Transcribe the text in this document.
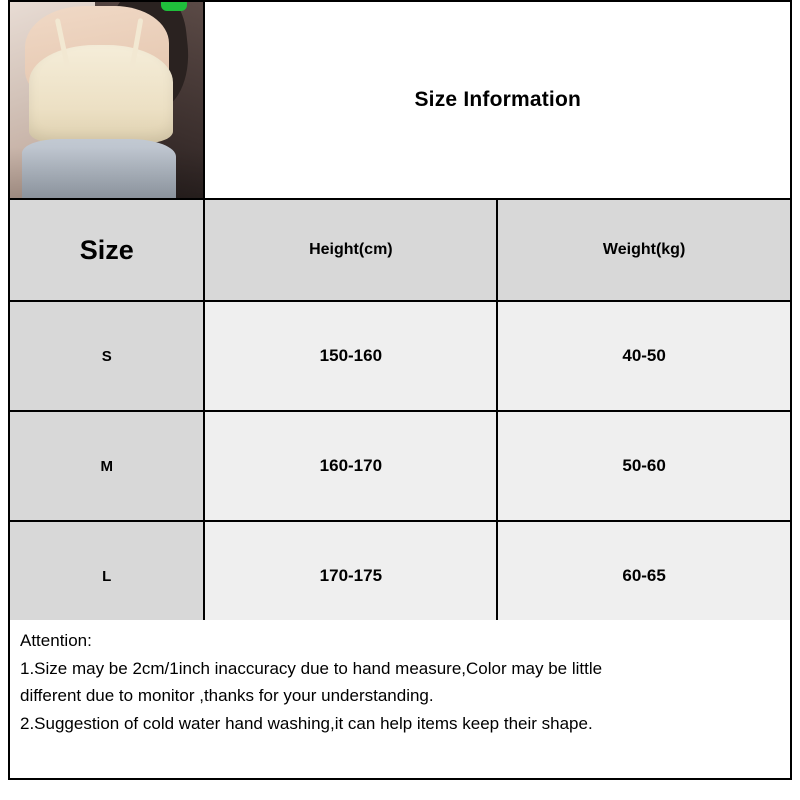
	Size Information	

Size	Height(cm)	Weight(kg)
S	150-160	40-50
M	160-170	50-60
L	170-175	60-65

Attention:

1.Size may be 2cm/1inch inaccuracy due to hand measure,Color may be little

different due to monitor ,thanks for your understanding.

2.Suggestion of cold water hand washing,it can help items keep their shape.
